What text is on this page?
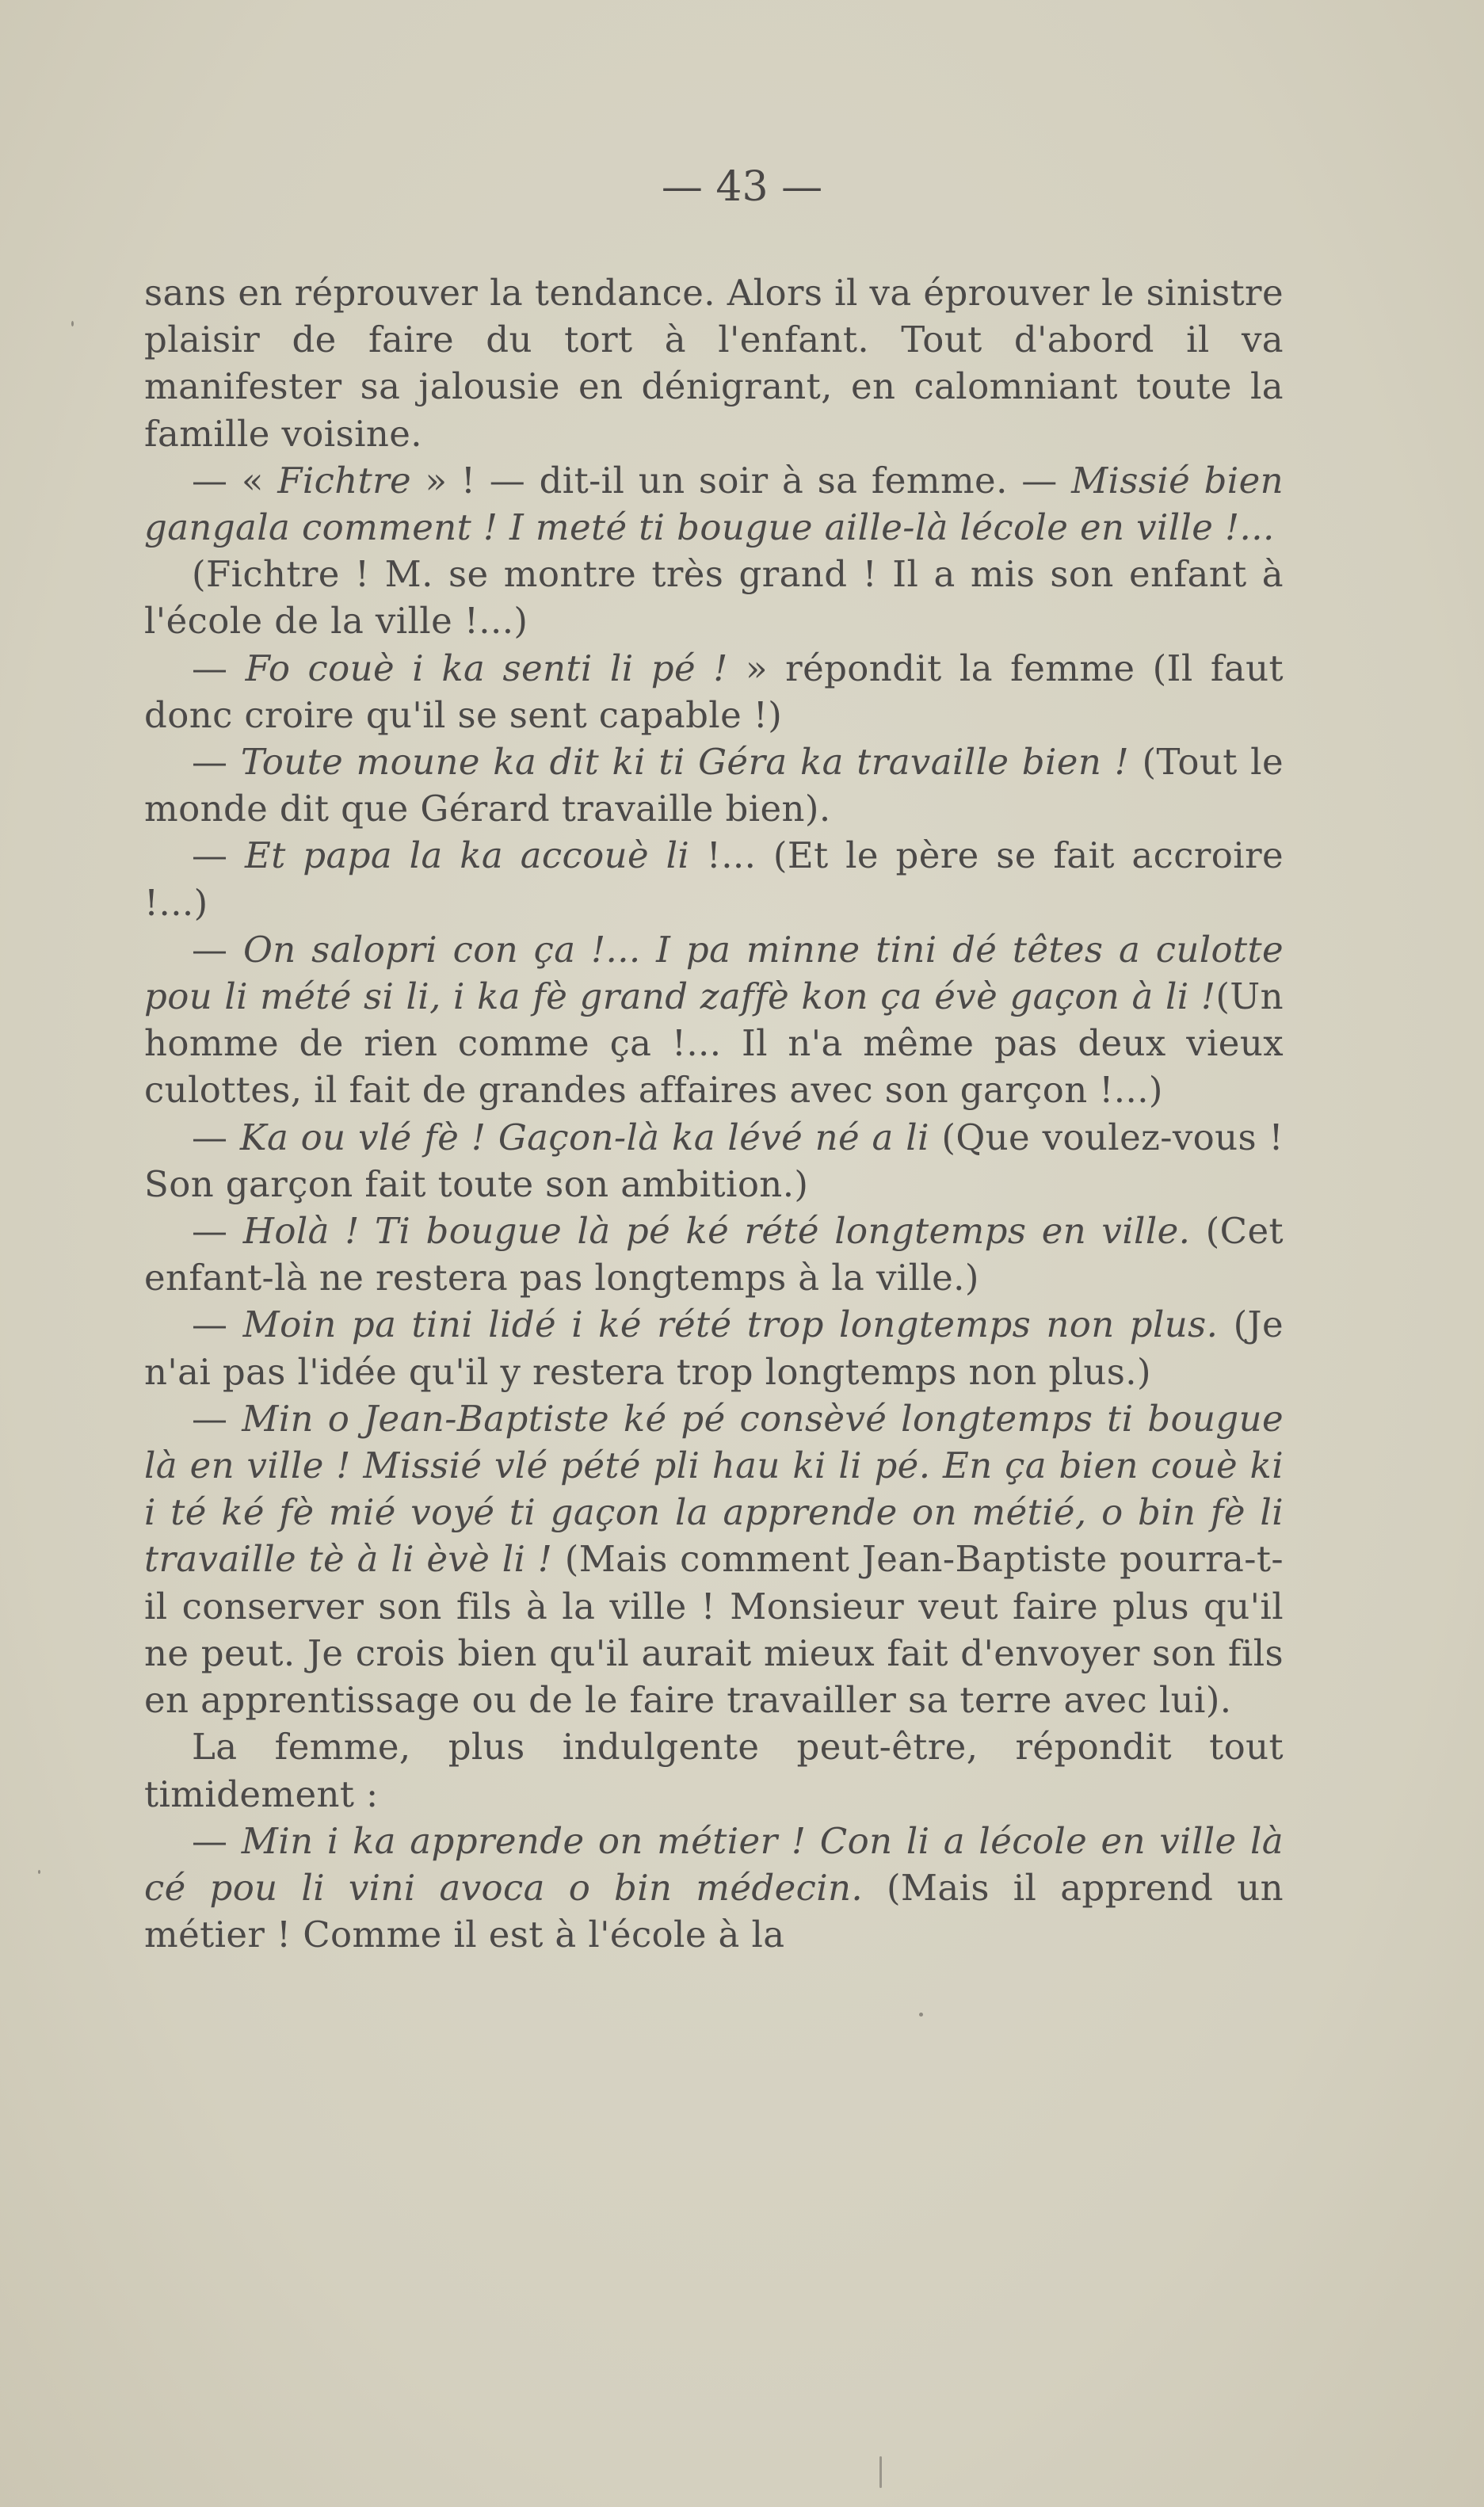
— 43 —

sans en réprouver la tendance. Alors il va éprouver le sinistre plaisir de faire du tort à l'enfant. Tout d'abord il va manifester sa jalousie en dénigrant, en calomniant toute la famille voisine.

— « Fichtre » ! — dit-il un soir à sa femme. — Missié bien gangala comment ! I meté ti bougue aille-là lécole en ville !...

(Fichtre ! M. se montre très grand ! Il a mis son enfant à l'école de la ville !...)

— Fo couè i ka senti li pé ! » répondit la femme (Il faut donc croire qu'il se sent capable !)

— Toute moune ka dit ki ti Géra ka travaille bien ! (Tout le monde dit que Gérard travaille bien).

— Et papa la ka accouè li !... (Et le père se fait accroire !...)

— On salopri con ça !... I pa minne tini dé têtes a culotte pou li mété si li, i ka fè grand zaffè kon ça évè gaçon à li !(Un homme de rien comme ça !... Il n'a même pas deux vieux culottes, il fait de grandes affaires avec son garçon !...)

— Ka ou vlé fè ! Gaçon-là ka lévé né a li (Que voulez-vous ! Son garçon fait toute son ambition.)

— Holà ! Ti bougue là pé ké rété longtemps en ville. (Cet enfant-là ne restera pas longtemps à la ville.)

— Moin pa tini lidé i ké rété trop longtemps non plus. (Je n'ai pas l'idée qu'il y restera trop longtemps non plus.)

— Min o Jean-Baptiste ké pé consèvé longtemps ti bougue là en ville ! Missié vlé pété pli hau ki li pé. En ça bien couè ki i té ké fè mié voyé ti gaçon la apprende on métié, o bin fè li travaille tè à li èvè li ! (Mais comment Jean-Baptiste pourra-t-il conserver son fils à la ville ! Monsieur veut faire plus qu'il ne peut. Je crois bien qu'il aurait mieux fait d'envoyer son fils en apprentissage ou de le faire travailler sa terre avec lui).

La femme, plus indulgente peut-être, répondit tout timidement :

— Min i ka apprende on métier ! Con li a lécole en ville là cé pou li vini avoca o bin médecin. (Mais il apprend un métier ! Comme il est à l'école à la
